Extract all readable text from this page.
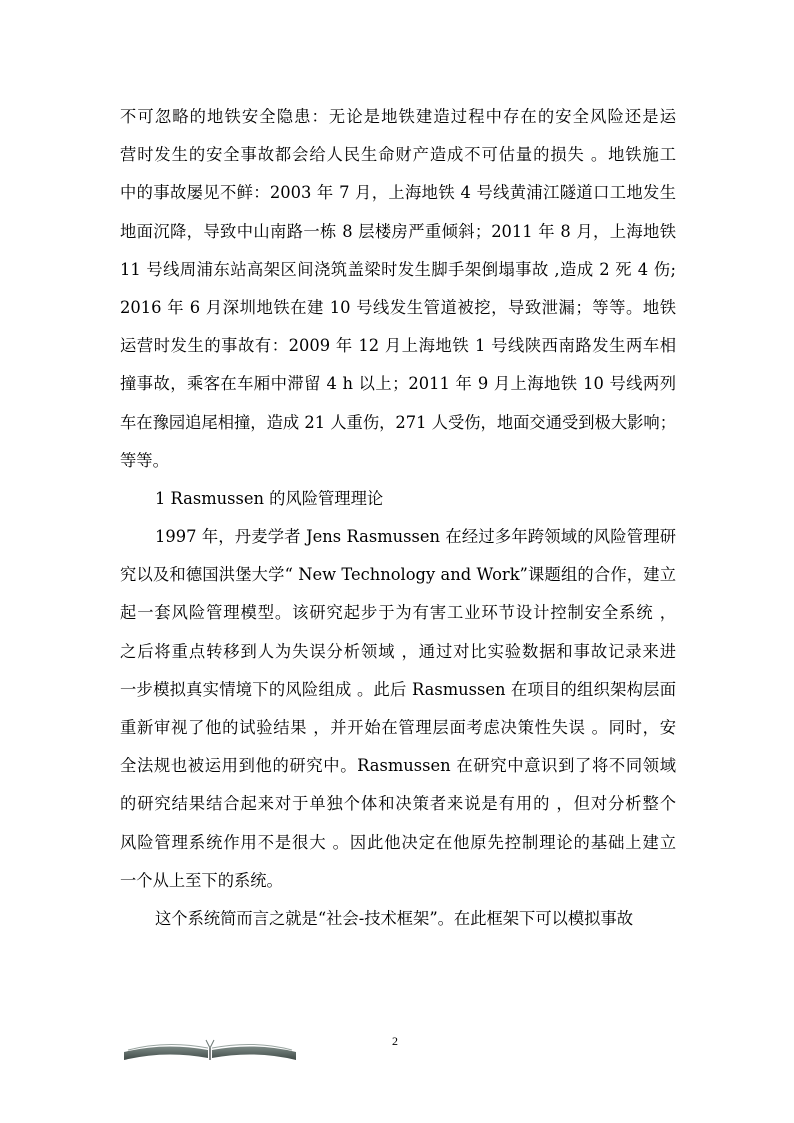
不可忽略的地铁安全隐患：无论是地铁建造过程中存在的安全风险还是运
营时发生的安全事故都会给人民生命财产造成不可估量的损失 。地铁施工
中的事故屡见不鲜：2003 年 7 月，上海地铁 4 号线黄浦江隧道口工地发生
地面沉降，导致中山南路一栋 8 层楼房严重倾斜；2011 年 8 月，上海地铁
11 号线周浦东站高架区间浇筑盖梁时发生脚手架倒塌事故 ,造成 2 死 4 伤;
2016 年 6 月深圳地铁在建 10 号线发生管道被挖，导致泄漏；等等。地铁
运营时发生的事故有：2009 年 12 月上海地铁 1 号线陕西南路发生两车相
撞事故，乘客在车厢中滞留 4 h 以上；2011 年 9 月上海地铁 10 号线两列
车在豫园追尾相撞，造成 21 人重伤，271 人受伤，地面交通受到极大影响；
等等。
1 Rasmussen 的风险管理理论
1997 年，丹麦学者 Jens Rasmussen 在经过多年跨领域的风险管理研
究以及和德国洪堡大学“ New Technology and Work”课题组的合作，建立
起一套风险管理模型。该研究起步于为有害工业环节设计控制安全系统 ，
之后将重点转移到人为失误分析领域 ，通过对比实验数据和事故记录来进
一步模拟真实情境下的风险组成 。此后 Rasmussen 在项目的组织架构层面
重新审视了他的试验结果 ，并开始在管理层面考虑决策性失误 。同时，安
全法规也被运用到他的研究中。Rasmussen 在研究中意识到了将不同领域
的研究结果结合起来对于单独个体和决策者来说是有用的 ，但对分析整个
风险管理系统作用不是很大 。因此他决定在他原先控制理论的基础上建立
一个从上至下的系统。
这个系统简而言之就是“社会-技术框架”。在此框架下可以模拟事故
2
